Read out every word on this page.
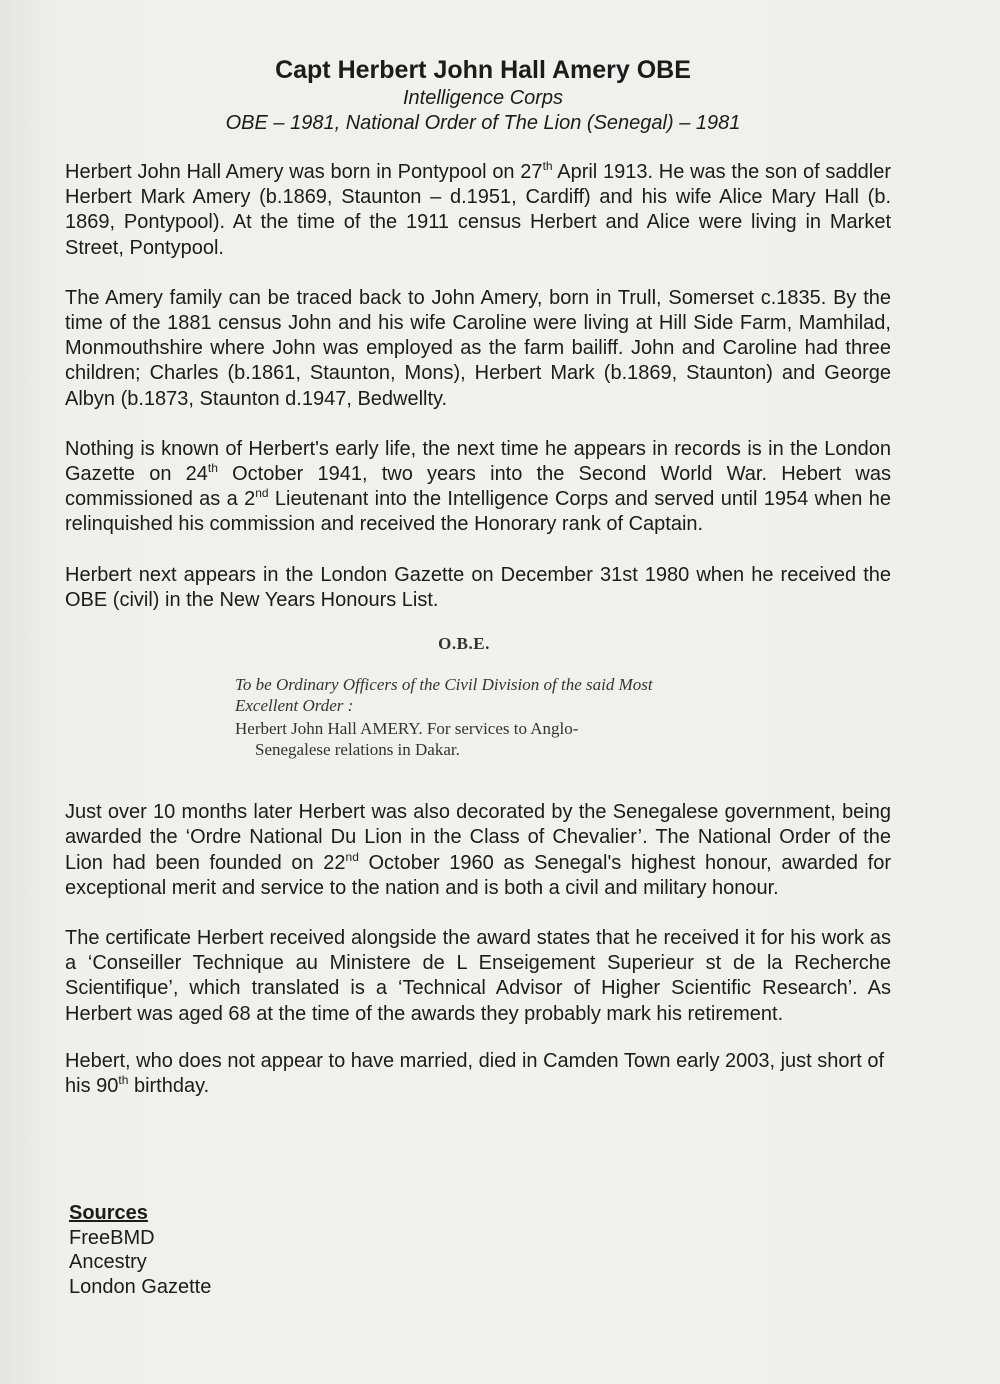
Capt Herbert John Hall Amery OBE
Intelligence Corps
OBE – 1981, National Order of The Lion (Senegal) – 1981

Herbert John Hall Amery was born in Pontypool on 27th April 1913. He was the son of saddler Herbert Mark Amery (b.1869, Staunton – d.1951, Cardiff) and his wife Alice Mary Hall (b. 1869, Pontypool). At the time of the 1911 census Herbert and Alice were living in Market Street, Pontypool.

The Amery family can be traced back to John Amery, born in Trull, Somerset c.1835. By the time of the 1881 census John and his wife Caroline were living at Hill Side Farm, Mamhilad, Monmouthshire where John was employed as the farm bailiff. John and Caroline had three children; Charles (b.1861, Staunton, Mons), Herbert Mark (b.1869, Staunton) and George Albyn (b.1873, Staunton d.1947, Bedwellty.

Nothing is known of Herbert's early life, the next time he appears in records is in the London Gazette on 24th October 1941, two years into the Second World War. Hebert was commissioned as a 2nd Lieutenant into the Intelligence Corps and served until 1954 when he relinquished his commission and received the Honorary rank of Captain.

Herbert next appears in the London Gazette on December 31st 1980 when he received the OBE (civil) in the New Years Honours List.

O.B.E.
To be Ordinary Officers of the Civil Division of the said Most Excellent Order :
Herbert John Hall AMERY. For services to Anglo-
Senegalese relations in Dakar.

Just over 10 months later Herbert was also decorated by the Senegalese government, being awarded the ‘Ordre National Du Lion in the Class of Chevalier’. The National Order of the Lion had been founded on 22nd October 1960 as Senegal's highest honour, awarded for exceptional merit and service to the nation and is both a civil and military honour.

The certificate Herbert received alongside the award states that he received it for his work as a ‘Conseiller Technique au Ministere de L Enseigement Superieur st de la Recherche Scientifique’, which translated is a ‘Technical Advisor of Higher Scientific Research’. As Herbert was aged 68 at the time of the awards they probably mark his retirement.

Hebert, who does not appear to have married, died in Camden Town early 2003, just short of his 90th birthday.

Sources
FreeBMD
Ancestry
London Gazette
